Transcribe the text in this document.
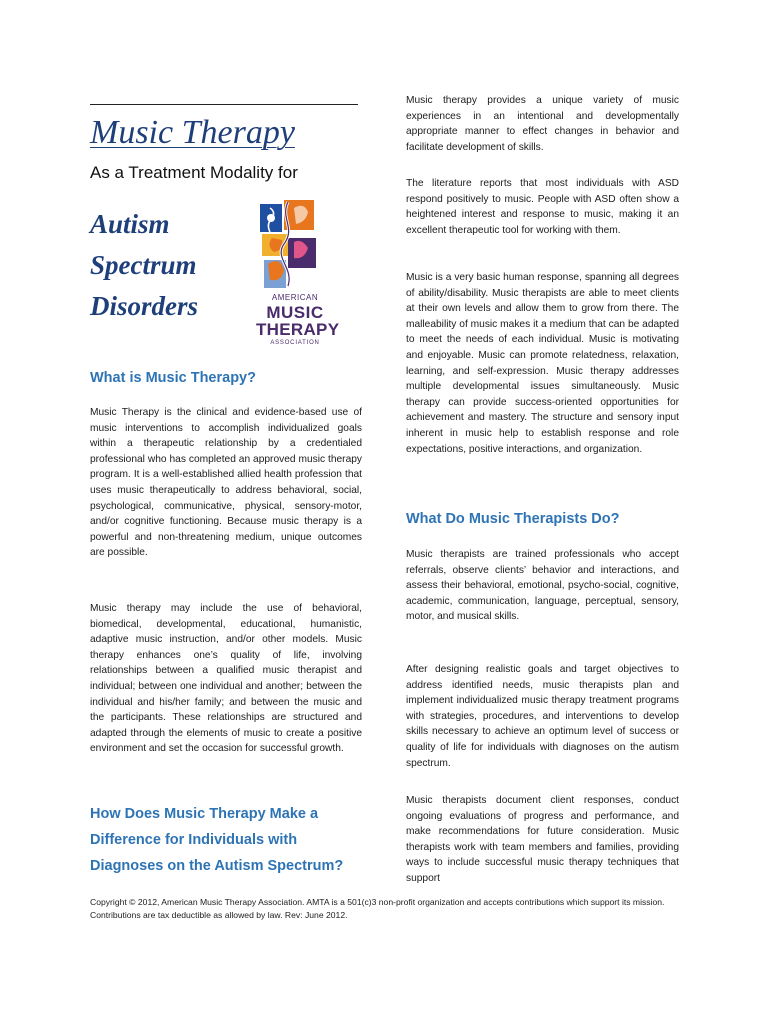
Music Therapy
As a Treatment Modality for
Autism
Spectrum
Disorders	AMERICAN
MUSIC
THERAPY
ASSOCIATION
What is Music Therapy?
Music Therapy is the clinical and evidence-based use of music interventions to accomplish individualized goals within a therapeutic relationship by a credentialed professional who has completed an approved music therapy program. It is a well-established allied health profession that uses music therapeutically to address behavioral, social, psychological, communicative, physical, sensory-motor, and/or cognitive functioning. Because music therapy is a powerful and non-threatening medium, unique outcomes are possible.
Music therapy may include the use of behavioral, biomedical, developmental, educational, humanistic, adaptive music instruction, and/or other models. Music therapy enhances one’s quality of life, involving relationships between a qualified music therapist and individual; between one individual and another; between the individual and his/her family; and between the music and the participants. These relationships are structured and adapted through the elements of music to create a positive environment and set the occasion for successful growth.
How Does Music Therapy Make a
Difference for Individuals with
Diagnoses on the Autism Spectrum?
Music therapy provides a unique variety of music experiences in an intentional and developmentally appropriate manner to effect changes in behavior and facilitate development of skills.
The literature reports that most individuals with ASD respond positively to music. People with ASD often show a heightened interest and response to music, making it an excellent therapeutic tool for working with them.
Music is a very basic human response, spanning all degrees of ability/disability. Music therapists are able to meet clients at their own levels and allow them to grow from there. The malleability of music makes it a medium that can be adapted to meet the needs of each individual. Music is motivating and enjoyable. Music can promote relatedness, relaxation, learning, and self-expression. Music therapy addresses multiple developmental issues simultaneously. Music therapy can provide success-oriented opportunities for achievement and mastery. The structure and sensory input inherent in music help to establish response and role expectations, positive interactions, and organization.
What Do Music Therapists Do?
Music therapists are trained professionals who accept referrals, observe clients’ behavior and interactions, and assess their behavioral, emotional, psycho-social, cognitive, academic, communication, language, perceptual, sensory, motor, and musical skills.
After designing realistic goals and target objectives to address identified needs, music therapists plan and implement individualized music therapy treatment programs with strategies, procedures, and interventions to develop skills necessary to achieve an optimum level of success or quality of life for individuals with diagnoses on the autism spectrum.
Music therapists document client responses, conduct ongoing evaluations of progress and performance, and make recommendations for future consideration. Music therapists work with team members and families, providing ways to include successful music therapy techniques that support
Copyright © 2012, American Music Therapy Association. AMTA is a 501(c)3 non-profit organization and accepts contributions which support its mission. Contributions are tax deductible as allowed by law. Rev: June 2012.
